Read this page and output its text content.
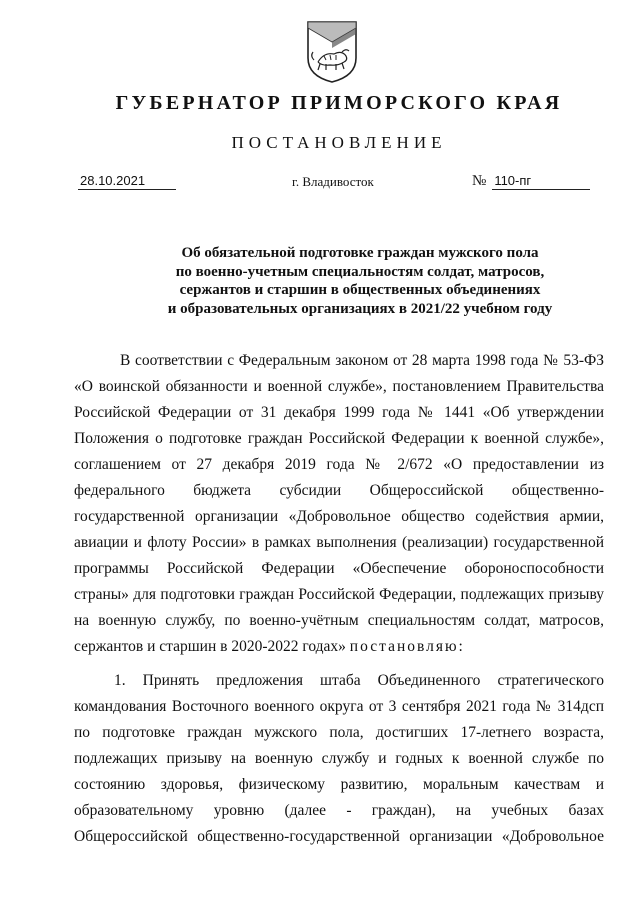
ГУБЕРНАТОР ПРИМОРСКОГО КРАЯ
ПОСТАНОВЛЕНИЕ
28.10.2021	г. Владивосток	№ 110-пг
Об обязательной подготовке граждан мужского пола
по военно-учетным специальностям солдат, матросов,
сержантов и старшин в общественных объединениях
и образовательных организациях в 2021/22 учебном году

В соответствии с Федеральным законом от 28 марта 1998 года № 53-ФЗ «О воинской обязанности и военной службе», постановлением Правительства Российской Федерации от 31 декабря 1999 года № 1441 «Об утверждении Положения о подготовке граждан Российской Федерации к военной службе», соглашением от 27 декабря 2019 года № 2/672 «О предоставлении из федерального бюджета субсидии Общероссийской общественно-государственной организации «Добровольное общество содействия армии, авиации и флоту России» в рамках выполнения (реализации) государственной программы Российской Федерации «Обеспечение обороноспособности страны» для подготовки граждан Российской Федерации, подлежащих призыву на военную службу, по военно-учётным специальностям солдат, матросов, сержантов и старшин в 2020-2022 годах» постановляю:

1. Принять предложения штаба Объединенного стратегического командования Восточного военного округа от 3 сентября 2021 года № 314дсп по подготовке граждан мужского пола, достигших 17-летнего возраста, подлежащих призыву на военную службу и годных к военной службе по состоянию здоровья, физическому развитию, моральным качествам и образовательному уровню (далее - граждан), на учебных базах Общероссийской общественно-государственной организации «Добровольное
